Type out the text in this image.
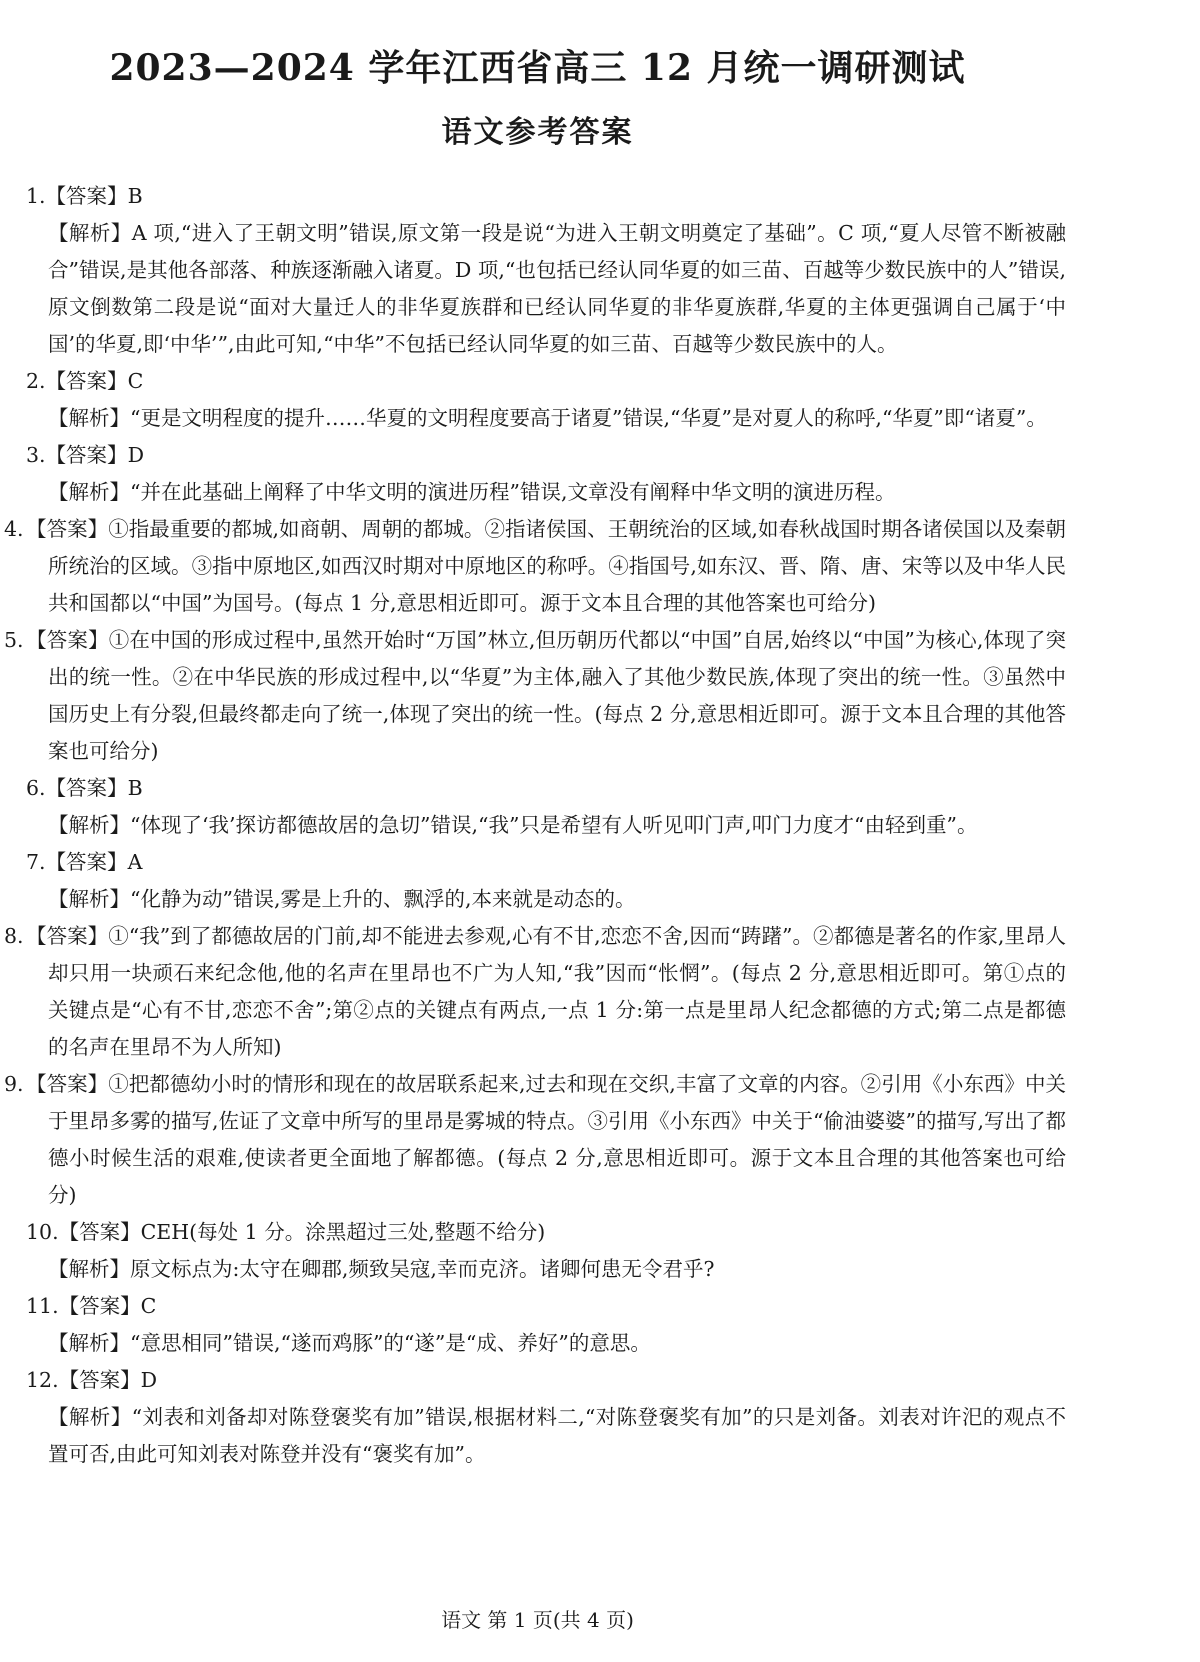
2023—2024 学年江西省高三 12 月统一调研测试
语文参考答案

1.【答案】B

【解析】A 项,“进入了王朝文明”错误,原文第一段是说“为进入王朝文明奠定了基础”。C 项,“夏人尽管不断被融合”错误,是其他各部落、种族逐渐融入诸夏。D 项,“也包括已经认同华夏的如三苗、百越等少数民族中的人”错误,原文倒数第二段是说“面对大量迁人的非华夏族群和已经认同华夏的非华夏族群,华夏的主体更强调自己属于‘中国’的华夏,即‘中华’”,由此可知,“中华”不包括已经认同华夏的如三苗、百越等少数民族中的人。

2.【答案】C

【解析】“更是文明程度的提升……华夏的文明程度要高于诸夏”错误,“华夏”是对夏人的称呼,“华夏”即“诸夏”。

3.【答案】D

【解析】“并在此基础上阐释了中华文明的演进历程”错误,文章没有阐释中华文明的演进历程。

4. 【答案】①指最重要的都城,如商朝、周朝的都城。②指诸侯国、王朝统治的区域,如春秋战国时期各诸侯国以及秦朝所统治的区域。③指中原地区,如西汉时期对中原地区的称呼。④指国号,如东汉、晋、隋、唐、宋等以及中华人民共和国都以“中国”为国号。(每点 1 分,意思相近即可。源于文本且合理的其他答案也可给分)

5. 【答案】①在中国的形成过程中,虽然开始时“万国”林立,但历朝历代都以“中国”自居,始终以“中国”为核心,体现了突出的统一性。②在中华民族的形成过程中,以“华夏”为主体,融入了其他少数民族,体现了突出的统一性。③虽然中国历史上有分裂,但最终都走向了统一,体现了突出的统一性。(每点 2 分,意思相近即可。源于文本且合理的其他答案也可给分)

6.【答案】B

【解析】“体现了‘我’探访都德故居的急切”错误,“我”只是希望有人听见叩门声,叩门力度才“由轻到重”。

7.【答案】A

【解析】“化静为动”错误,雾是上升的、飘浮的,本来就是动态的。

8. 【答案】①“我”到了都德故居的门前,却不能进去参观,心有不甘,恋恋不舍,因而“踌躇”。②都德是著名的作家,里昂人却只用一块顽石来纪念他,他的名声在里昂也不广为人知,“我”因而“怅惘”。(每点 2 分,意思相近即可。第①点的关键点是“心有不甘,恋恋不舍”;第②点的关键点有两点,一点 1 分:第一点是里昂人纪念都德的方式;第二点是都德的名声在里昂不为人所知)

9. 【答案】①把都德幼小时的情形和现在的故居联系起来,过去和现在交织,丰富了文章的内容。②引用《小东西》中关于里昂多雾的描写,佐证了文章中所写的里昂是雾城的特点。③引用《小东西》中关于“偷油婆婆”的描写,写出了都德小时候生活的艰难,使读者更全面地了解都德。(每点 2 分,意思相近即可。源于文本且合理的其他答案也可给分)

10.【答案】CEH(每处 1 分。涂黑超过三处,整题不给分)

【解析】原文标点为:太守在卿郡,频致吴寇,幸而克济。诸卿何患无令君乎?

11.【答案】C

【解析】“意思相同”错误,“遂而鸡豚”的“遂”是“成、养好”的意思。

12.【答案】D

【解析】“刘表和刘备却对陈登褒奖有加”错误,根据材料二,“对陈登褒奖有加”的只是刘备。刘表对许汜的观点不置可否,由此可知刘表对陈登并没有“褒奖有加”。

语文 第 1 页(共 4 页)
